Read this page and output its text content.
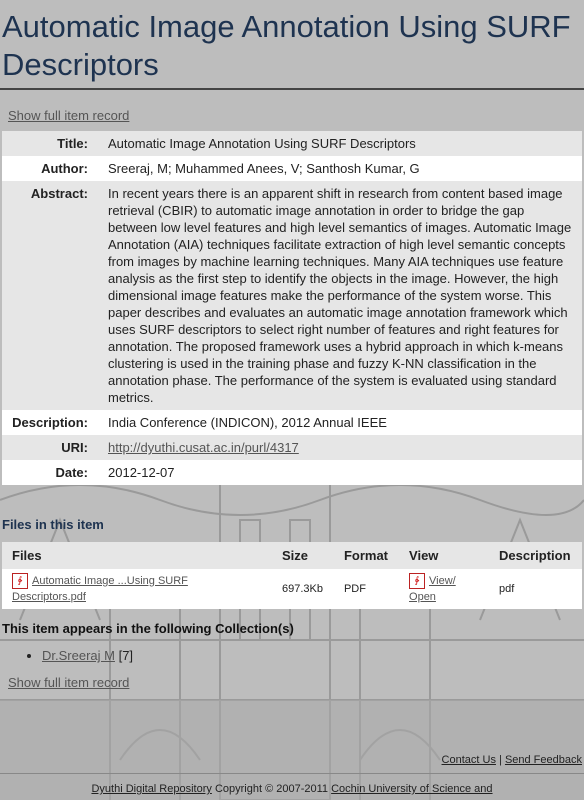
Automatic Image Annotation Using SURF Descriptors
Show full item record
Title:	Automatic Image Annotation Using SURF Descriptors
Author:	Sreeraj, M; Muhammed Anees, V; Santhosh Kumar, G
Abstract:	In recent years there is an apparent shift in research from content based image retrieval (CBIR) to automatic image annotation in order to bridge the gap between low level features and high level semantics of images. Automatic Image Annotation (AIA) techniques facilitate extraction of high level semantic concepts from images by machine learning techniques. Many AIA techniques use feature analysis as the first step to identify the objects in the image. However, the high dimensional image features make the performance of the system worse. This paper describes and evaluates an automatic image annotation framework which uses SURF descriptors to select right number of features and right features for annotation. The proposed framework uses a hybrid approach in which k-means clustering is used in the training phase and fuzzy K-NN classification in the annotation phase. The performance of the system is evaluated using standard metrics.
Description:	India Conference (INDICON), 2012 Annual IEEE
URI:	http://dyuthi.cusat.ac.in/purl/4317
Date:	2012-12-07
Files in this item
Files	Size	Format	View	Description
∳ Automatic Image ...Using SURF Descriptors.pdf	697.3Kb	PDF	∳ View/ Open	pdf
This item appears in the following Collection(s)
• Dr.Sreeraj M [7]
Show full item record
Contact Us | Send Feedback
Dyuthi Digital Repository Copyright © 2007-2011 Cochin University of Science and
